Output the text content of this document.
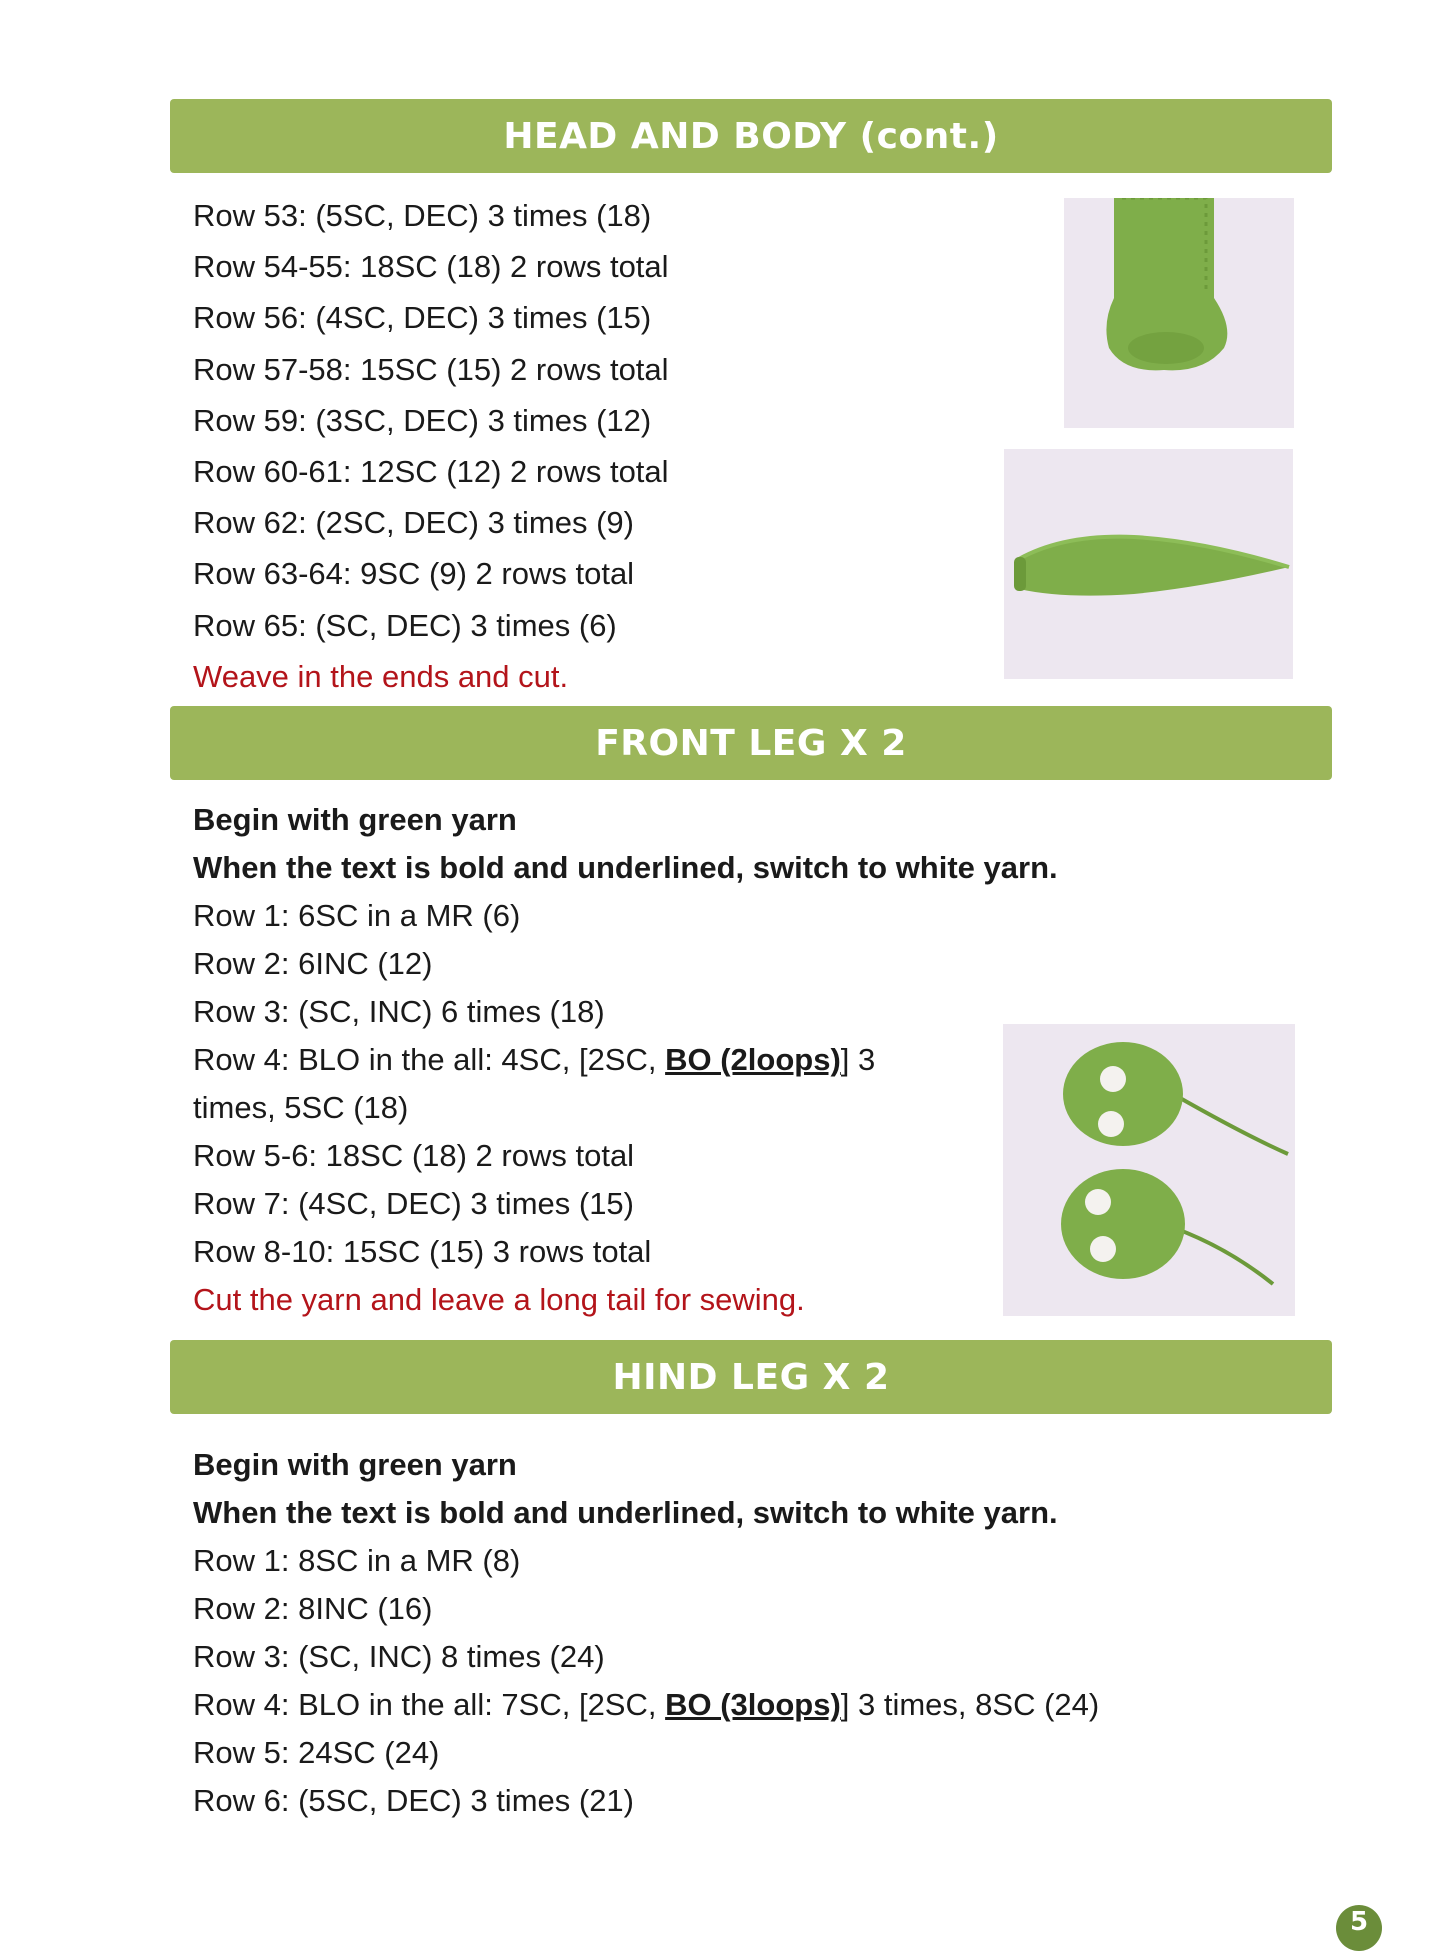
HEAD AND BODY (cont.)
Row 53: (5SC, DEC) 3 times (18)
Row 54-55: 18SC (18) 2 rows total
Row 56: (4SC, DEC) 3 times (15)
Row 57-58: 15SC (15) 2 rows total
Row 59: (3SC, DEC) 3 times (12)
Row 60-61: 12SC (12) 2 rows total
Row 62: (2SC, DEC) 3 times (9)
Row 63-64: 9SC (9) 2 rows total
Row 65: (SC, DEC) 3 times (6)
Weave in the ends and cut.
FRONT LEG X 2
Begin with green yarn
When the text is bold and underlined, switch to white yarn.
Row 1: 6SC in a MR (6)
Row 2: 6INC (12)
Row 3: (SC, INC) 6 times (18)
Row 4: BLO in the all: 4SC, [2SC, BO (2loops)] 3
times, 5SC (18)
Row 5-6: 18SC (18) 2 rows total
Row 7: (4SC, DEC) 3 times (15)
Row 8-10: 15SC (15) 3 rows total
Cut the yarn and leave a long tail for sewing.
HIND LEG X 2
Begin with green yarn
When the text is bold and underlined, switch to white yarn.
Row 1: 8SC in a MR (8)
Row 2: 8INC (16)
Row 3: (SC, INC) 8 times (24)
Row 4: BLO in the all: 7SC, [2SC, BO (3loops)] 3 times, 8SC (24)
Row 5: 24SC (24)
Row 6: (5SC, DEC) 3 times (21)
5
